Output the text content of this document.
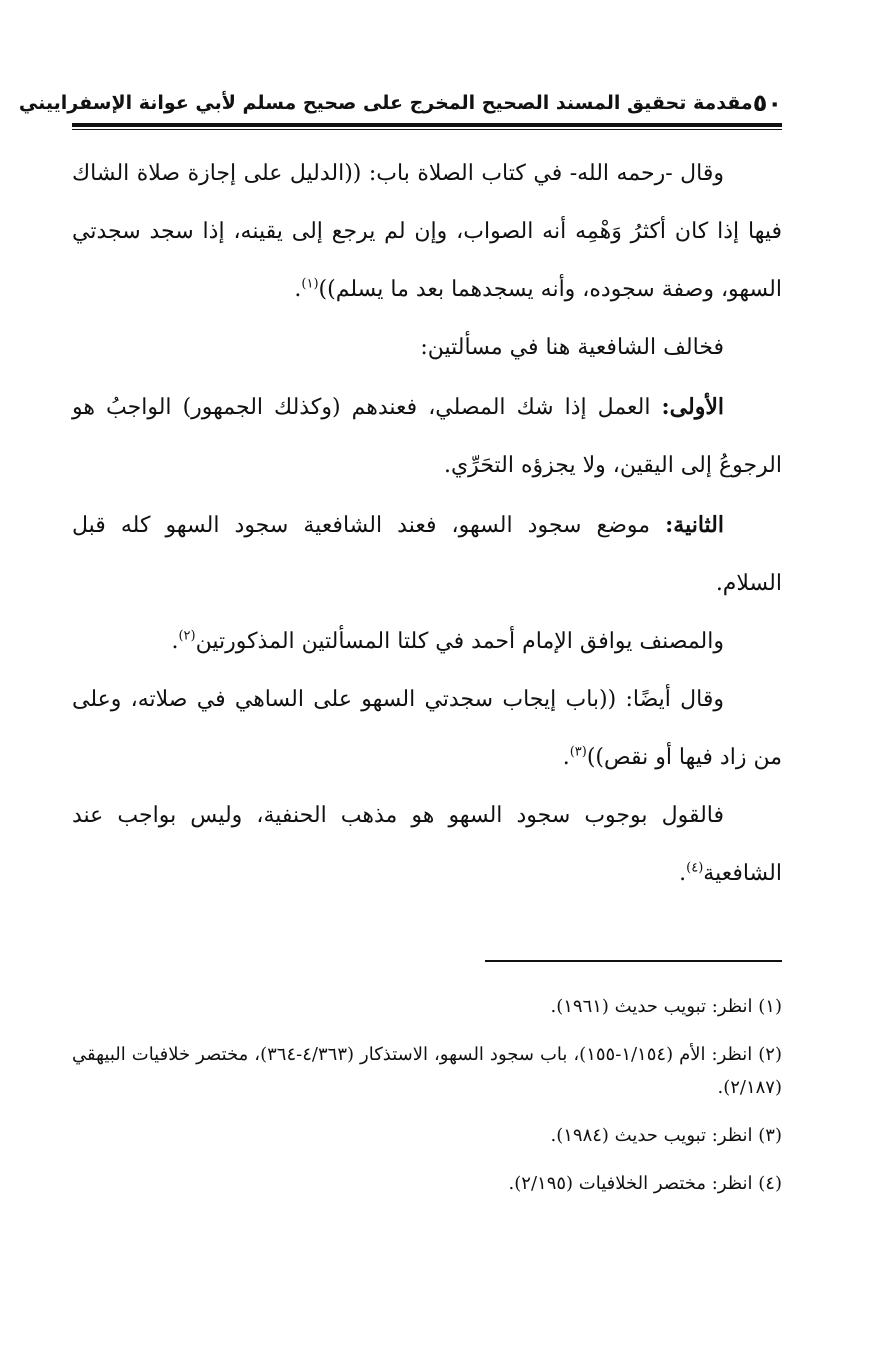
٥٠
مقدمة تحقيق المسند الصحيح المخرج على صحيح مسلم لأبي عوانة الإسفراييني

وقال -رحمه الله- في كتاب الصلاة باب: ((الدليل على إجازة صلاة الشاك فيها إذا كان أكثرُ وَهْمِه أنه الصواب، وإن لم يرجع إلى يقينه، إذا سجد سجدتي السهو، وصفة سجوده، وأنه يسجدهما بعد ما يسلم))$^{(١)}$.

فخالف الشافعية هنا في مسألتين:

الأولى: العمل إذا شك المصلي، فعندهم (وكذلك الجمهور) الواجبُ هو الرجوعُ إلى اليقين، ولا يجزؤه التحَرِّي.

الثانية: موضع سجود السهو، فعند الشافعية سجود السهو كله قبل السلام.

والمصنف يوافق الإمام أحمد في كلتا المسألتين المذكورتين$^{(٢)}$.

وقال أيضًا: ((باب إيجاب سجدتي السهو على الساهي في صلاته، وعلى من زاد فيها أو نقص))$^{(٣)}$.

فالقول بوجوب سجود السهو هو مذهب الحنفية، وليس بواجب عند الشافعية$^{(٤)}$.

(١) انظر: تبويب حديث (١٩٦١).

(٢) انظر: الأم (١/١٥٤-١٥٥)، باب سجود السهو، الاستذكار (٤/٣٦٣-٣٦٤)، مختصر خلافيات البيهقي (٢/١٨٧).

(٣) انظر: تبويب حديث (١٩٨٤).

(٤) انظر: مختصر الخلافيات (٢/١٩٥).
